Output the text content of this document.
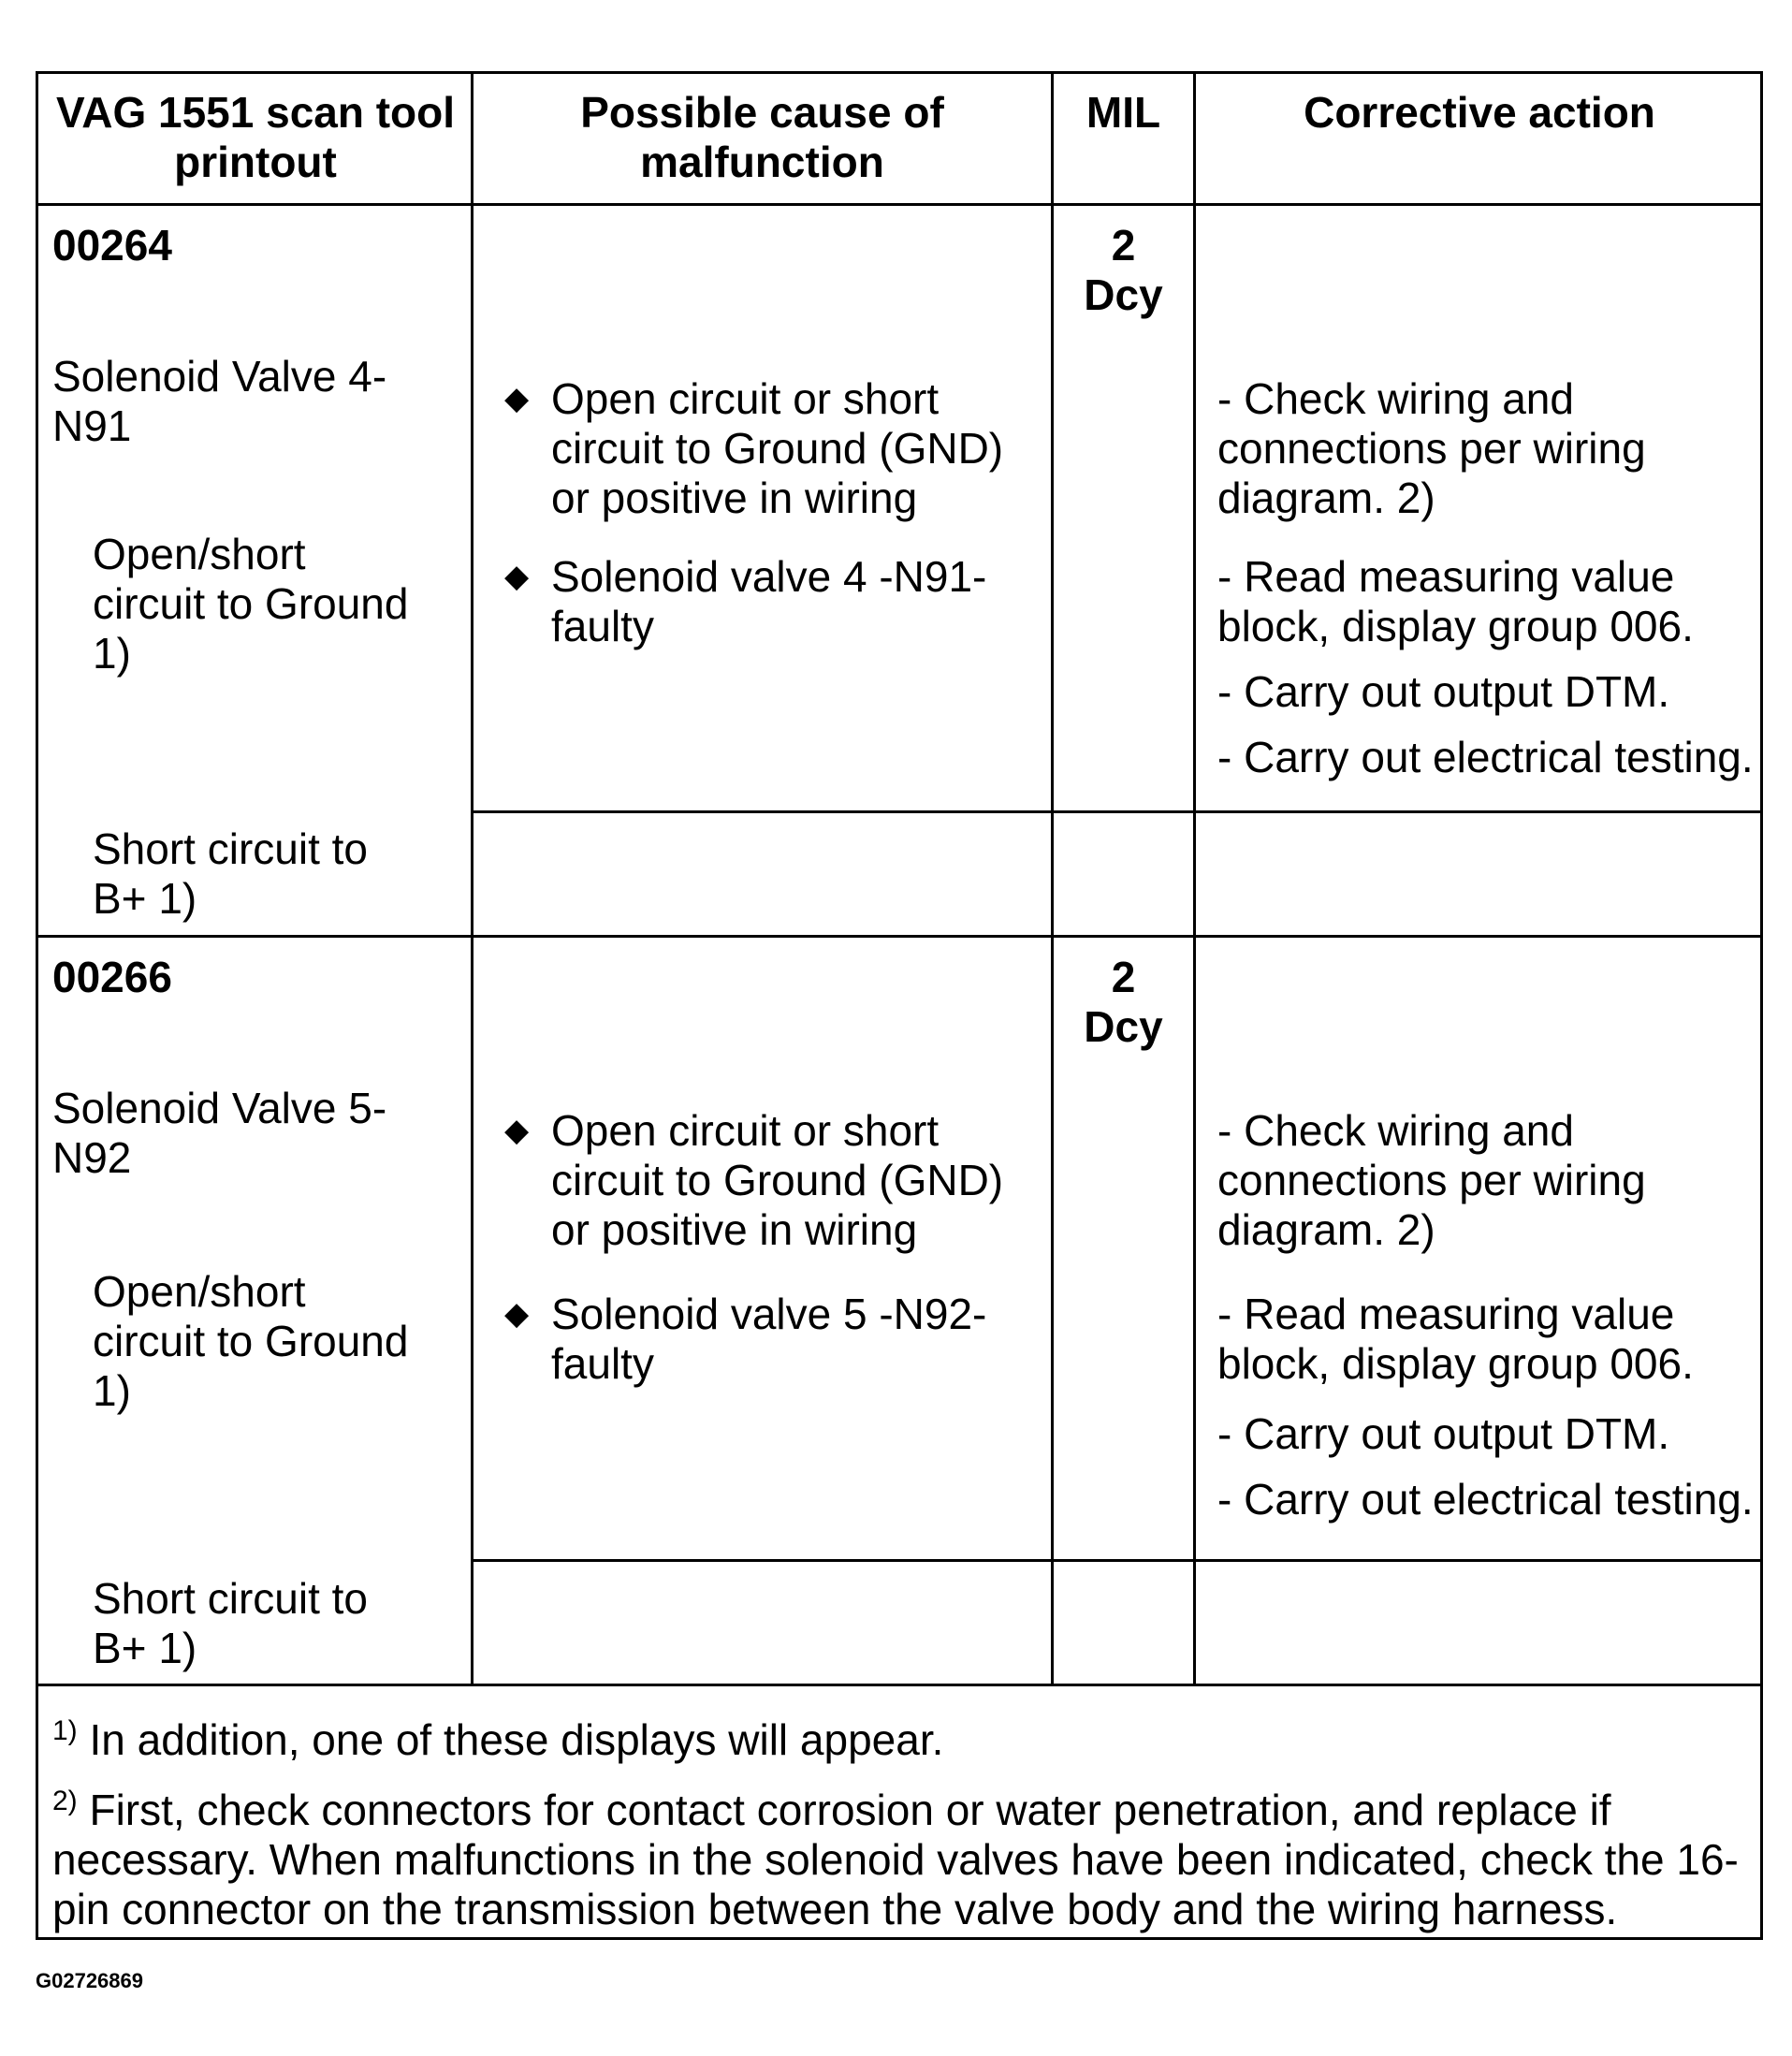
VAG 1551 scan tool
printout
Possible cause of
malfunction
MIL	Corrective action
00264
Solenoid Valve 4-
N91
Open/short
circuit to Ground
1)
Short circuit to
B+ 1)
2
Dcy
◆ Open circuit or short
circuit to Ground (GND)
or positive in wiring
◆ Solenoid valve 4 -N91-
faulty
- Check wiring and
connections per wiring
diagram. 2)
- Read measuring value
block, display group 006.
- Carry out output DTM.
- Carry out electrical testing.
00266
Solenoid Valve 5-
N92
Open/short
circuit to Ground
1)
Short circuit to
B+ 1)
2
Dcy
◆ Open circuit or short
circuit to Ground (GND)
or positive in wiring
◆ Solenoid valve 5 -N92-
faulty
- Check wiring and
connections per wiring
diagram. 2)
- Read measuring value
block, display group 006.
- Carry out output DTM.
- Carry out electrical testing.
$^{1)}$ In addition, one of these displays will appear.
$^{2)}$ First, check connectors for contact corrosion or water penetration, and replace if
necessary. When malfunctions in the solenoid valves have been indicated, check the 16-
pin connector on the transmission between the valve body and the wiring harness.
G02726869
